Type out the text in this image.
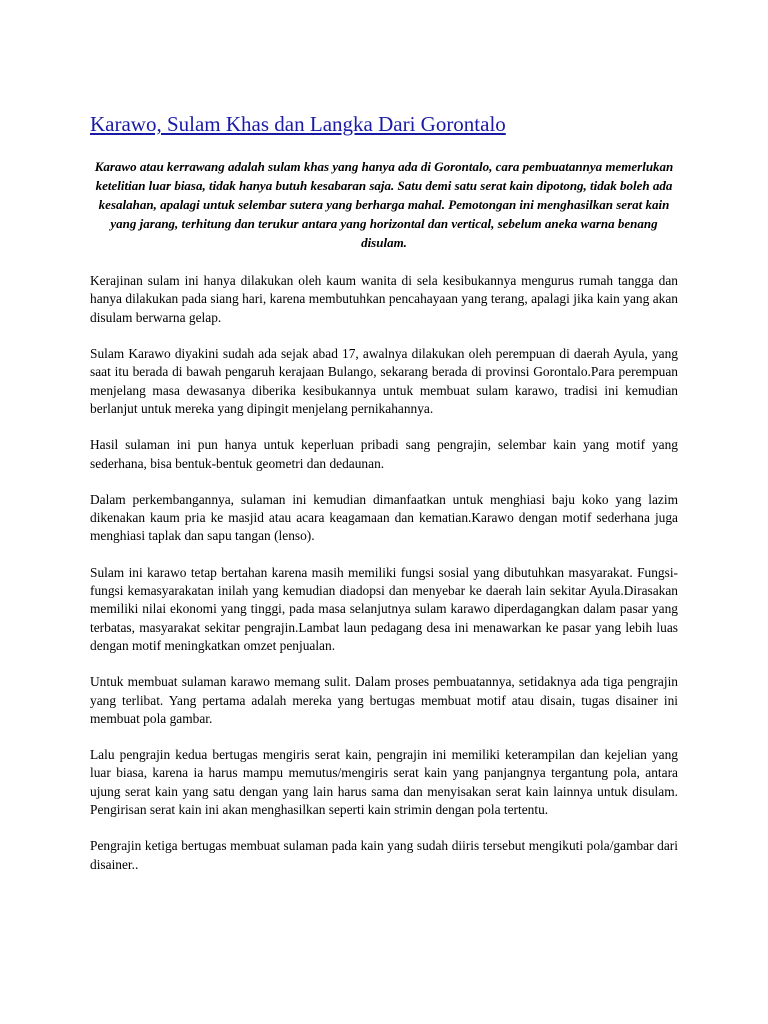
Karawo, Sulam Khas dan Langka Dari Gorontalo

Karawo atau kerrawang adalah sulam khas yang hanya ada di Gorontalo, cara pembuatannya memerlukan ketelitian luar biasa, tidak hanya butuh kesabaran saja. Satu demi satu serat kain dipotong, tidak boleh ada kesalahan, apalagi untuk selembar sutera yang berharga mahal. Pemotongan ini menghasilkan serat kain yang jarang, terhitung dan terukur antara yang horizontal dan vertical, sebelum aneka warna benang disulam.

Kerajinan sulam ini hanya dilakukan oleh kaum wanita di sela kesibukannya mengurus rumah tangga dan hanya dilakukan pada siang hari, karena membutuhkan pencahayaan yang terang, apalagi jika kain yang akan disulam berwarna gelap.

Sulam Karawo diyakini sudah ada sejak abad 17, awalnya dilakukan oleh perempuan di daerah Ayula, yang saat itu berada di bawah pengaruh kerajaan Bulango, sekarang berada di provinsi Gorontalo.Para perempuan menjelang masa dewasanya diberika kesibukannya untuk membuat sulam karawo, tradisi ini kemudian berlanjut untuk mereka yang dipingit menjelang pernikahannya.

Hasil sulaman ini pun hanya untuk keperluan pribadi sang pengrajin, selembar kain yang motif yang sederhana, bisa bentuk-bentuk geometri dan dedaunan.

Dalam perkembangannya, sulaman ini kemudian dimanfaatkan untuk menghiasi baju koko yang lazim dikenakan kaum pria ke masjid atau acara keagamaan dan kematian.Karawo dengan motif sederhana juga menghiasi taplak dan sapu tangan (lenso).

Sulam ini karawo tetap bertahan karena masih memiliki fungsi sosial yang dibutuhkan masyarakat. Fungsi-fungsi kemasyarakatan inilah yang kemudian diadopsi dan menyebar ke daerah lain sekitar Ayula.Dirasakan memiliki nilai ekonomi yang tinggi, pada masa selanjutnya sulam karawo diperdagangkan dalam pasar yang terbatas, masyarakat sekitar pengrajin.Lambat laun pedagang desa ini menawarkan ke pasar yang lebih luas dengan motif meningkatkan omzet penjualan.

Untuk membuat sulaman karawo memang sulit. Dalam proses pembuatannya, setidaknya ada tiga pengrajin yang terlibat. Yang pertama adalah mereka yang bertugas membuat motif atau disain, tugas disainer ini membuat pola gambar.

Lalu pengrajin kedua bertugas mengiris serat kain, pengrajin ini memiliki keterampilan dan kejelian yang luar biasa, karena ia harus mampu memutus/mengiris serat kain yang panjangnya tergantung pola, antara ujung serat kain yang satu dengan yang lain harus sama dan menyisakan serat kain lainnya untuk disulam. Pengirisan serat kain ini akan menghasilkan seperti kain strimin dengan pola tertentu.

Pengrajin ketiga bertugas membuat sulaman pada kain yang sudah diiris tersebut mengikuti pola/gambar dari disainer..
